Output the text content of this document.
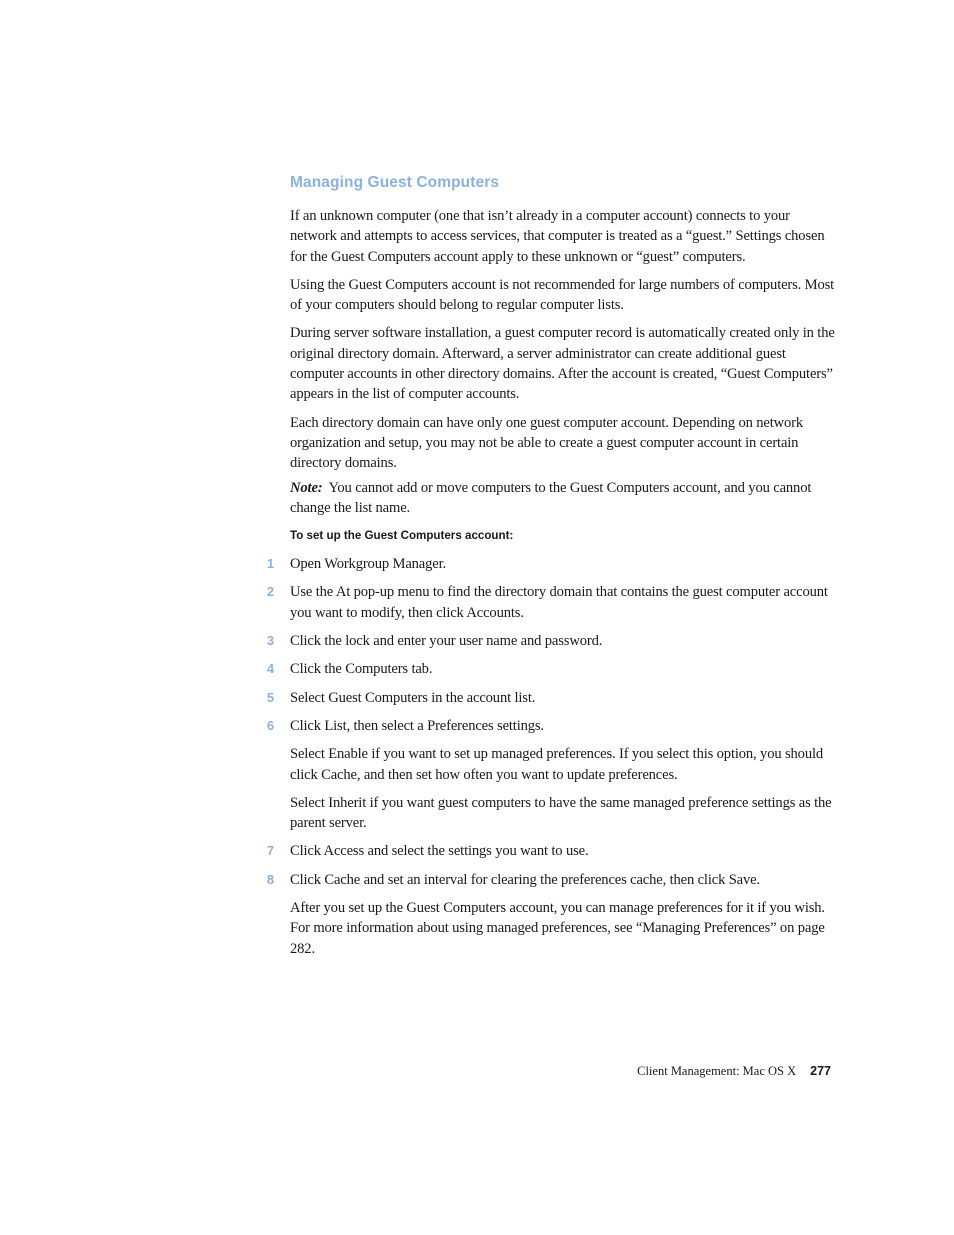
Managing Guest Computers

If an unknown computer (one that isn’t already in a computer account) connects to your network and attempts to access services, that computer is treated as a “guest.” Settings chosen for the Guest Computers account apply to these unknown or “guest” computers.

Using the Guest Computers account is not recommended for large numbers of computers. Most of your computers should belong to regular computer lists.

During server software installation, a guest computer record is automatically created only in the original directory domain. Afterward, a server administrator can create additional guest computer accounts in other directory domains. After the account is created, “Guest Computers” appears in the list of computer accounts.

Each directory domain can have only one guest computer account. Depending on network organization and setup, you may not be able to create a guest computer account in certain directory domains.

Note: You cannot add or move computers to the Guest Computers account, and you cannot change the list name.

To set up the Guest Computers account:
1 Open Workgroup Manager.
2 Use the At pop-up menu to find the directory domain that contains the guest computer account you want to modify, then click Accounts.
3 Click the lock and enter your user name and password.
4 Click the Computers tab.
5 Select Guest Computers in the account list.
6 Click List, then select a Preferences settings.

Select Enable if you want to set up managed preferences. If you select this option, you should click Cache, and then set how often you want to update preferences.

Select Inherit if you want guest computers to have the same managed preference settings as the parent server.

7 Click Access and select the settings you want to use.
8 Click Cache and set an interval for clearing the preferences cache, then click Save.

After you set up the Guest Computers account, you can manage preferences for it if you wish. For more information about using managed preferences, see “Managing Preferences” on page 282.

Client Management: Mac OS X 277
